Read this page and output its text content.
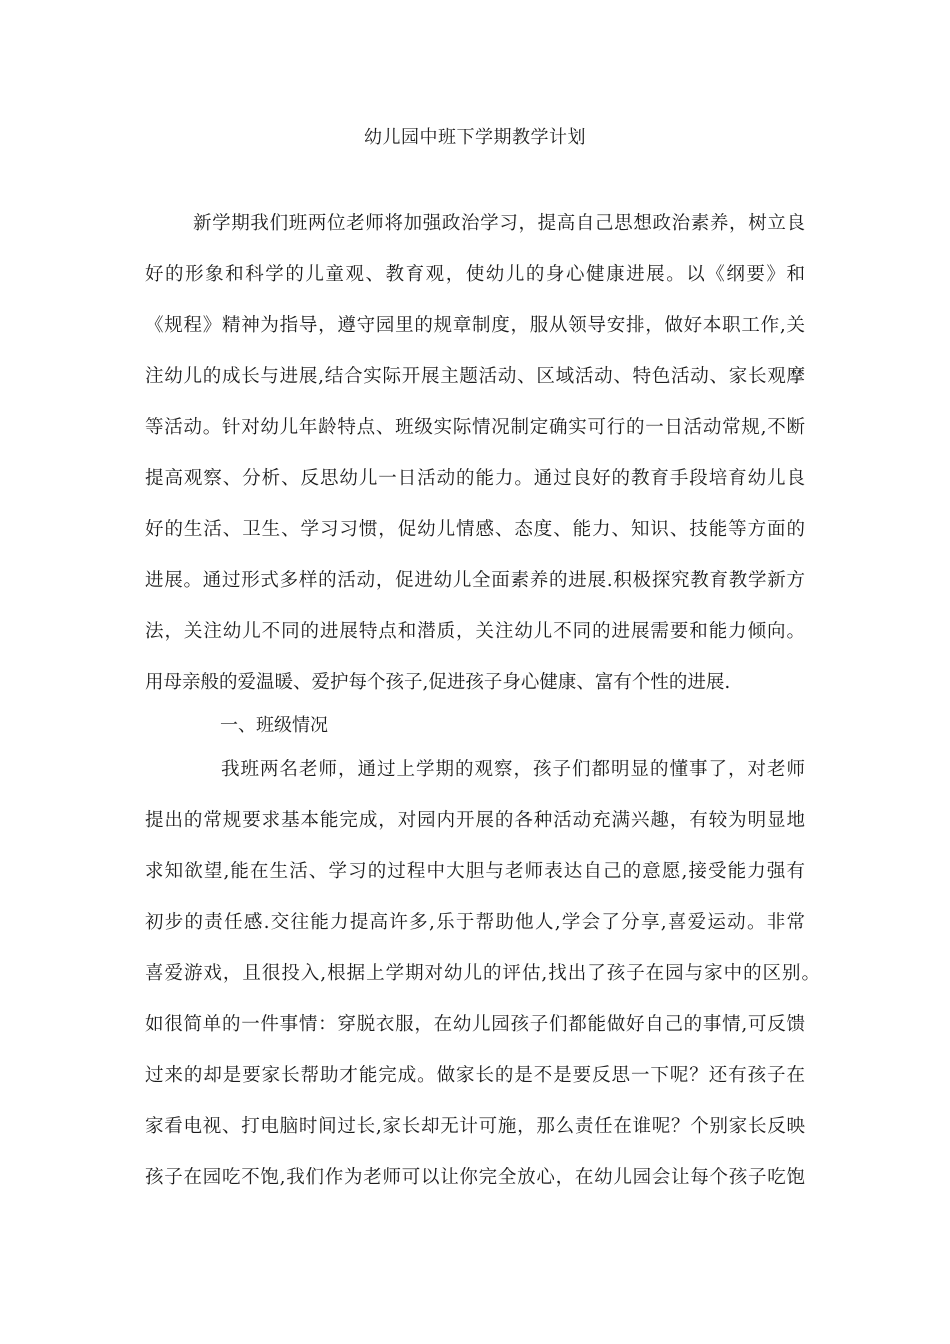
幼儿园中班下学期教学计划
新学期我们班两位老师将加强政治学习，提高自己思想政治素养，树立良
好的形象和科学的儿童观、教育观，使幼儿的身心健康进展。以《纲要》和
《规程》精神为指导，遵守园里的规章制度，服从领导安排，做好本职工作,关
注幼儿的成长与进展,结合实际开展主题活动、区域活动、特色活动、家长观摩
等活动。针对幼儿年龄特点、班级实际情况制定确实可行的一日活动常规,不断
提高观察、分析、反思幼儿一日活动的能力。通过良好的教育手段培育幼儿良
好的生活、卫生、学习习惯，促幼儿情感、态度、能力、知识、技能等方面的
进展。通过形式多样的活动，促进幼儿全面素养的进展.积极探究教育教学新方
法，关注幼儿不同的进展特点和潜质，关注幼儿不同的进展需要和能力倾向。
用母亲般的爱温暖、爱护每个孩子,促进孩子身心健康、富有个性的进展.
一、班级情况
我班两名老师，通过上学期的观察，孩子们都明显的懂事了，对老师
提出的常规要求基本能完成，对园内开展的各种活动充满兴趣，有较为明显地
求知欲望,能在生活、学习的过程中大胆与老师表达自己的意愿,接受能力强有
初步的责任感.交往能力提高许多,乐于帮助他人,学会了分享,喜爱运动。非常
喜爱游戏，且很投入,根据上学期对幼儿的评估,找出了孩子在园与家中的区别。
如很简单的一件事情：穿脱衣服，在幼儿园孩子们都能做好自己的事情,可反馈
过来的却是要家长帮助才能完成。做家长的是不是要反思一下呢？还有孩子在
家看电视、打电脑时间过长,家长却无计可施，那么责任在谁呢？个别家长反映
孩子在园吃不饱,我们作为老师可以让你完全放心，在幼儿园会让每个孩子吃饱
